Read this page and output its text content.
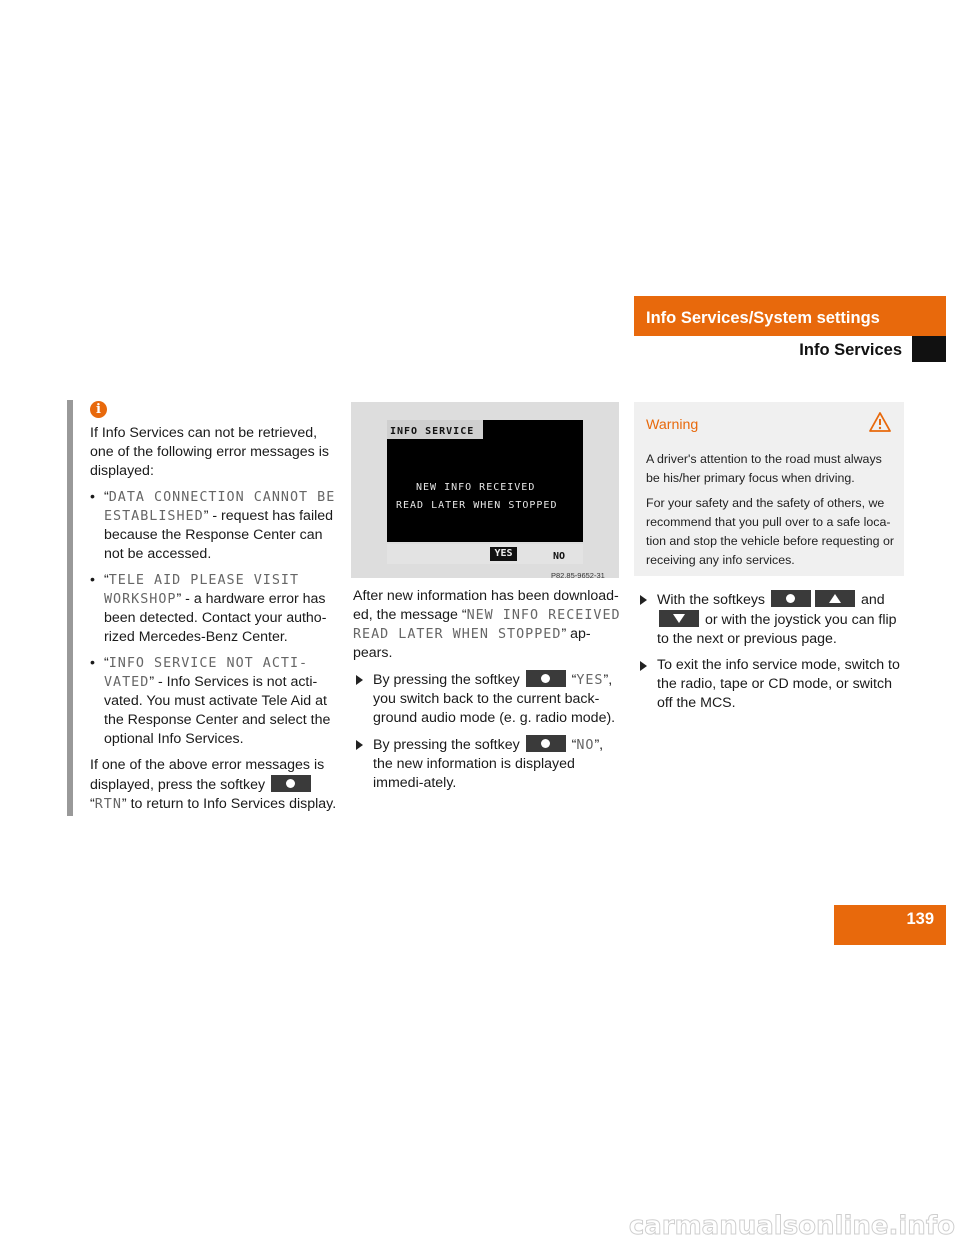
Info Services/System settings
Info Services
i

If Info Services can not be retrieved, one of the following error messages is displayed:

• “DATA CONNECTION CANNOT BE ESTABLISHED” - request has failed because the Response Center can not be accessed.
• “TELE AID PLEASE VISIT WORKSHOP” - a hardware error has been detected. Contact your autho-rized Mercedes-Benz Center.
• “INFO SERVICE NOT ACTI-VATED” - Info Services is not acti-vated. You must activate Tele Aid at the Response Center and select the optional Info Services.

If one of the above error messages is displayed, press the softkey
“RTN” to return to Info Services display.

INFO SERVICE
NEW INFO RECEIVED
READ LATER WHEN STOPPED
YES	NO
P82.85-9652-31

After new information has been download-ed, the message “NEW INFO RECEIVED READ LATER WHEN STOPPED” ap-pears.

By pressing the softkey	“YES”, you switch back to the current back-ground audio mode (e. g. radio mode).
By pressing the softkey	“NO”, the new information is displayed immedi-ately.
Warning

A driver's attention to the road must always be his/her primary focus when driving.

For your safety and the safety of others, we recommend that you pull over to a safe loca-tion and stop the vehicle before requesting or receiving any info services.

With the softkeys	and
or with the joystick you can flip to the next or previous page.
To exit the info service mode, switch to the radio, tape or CD mode, or switch off the MCS.
139
carmanualsonline.info
